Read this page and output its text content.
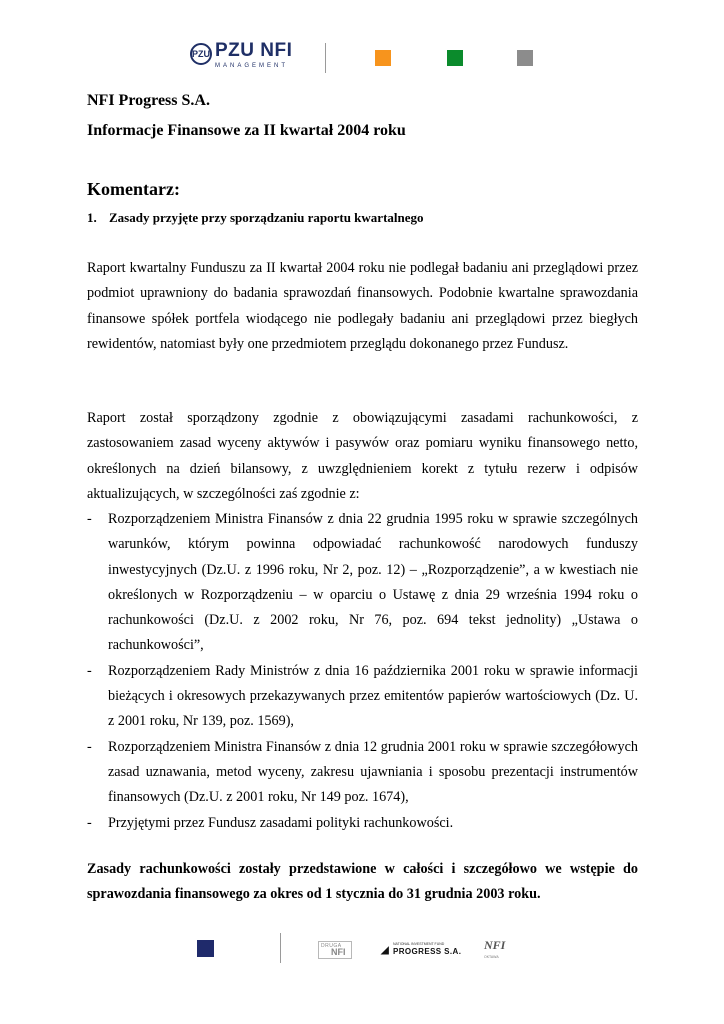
PZU PZU NFI
MANAGEMENT
NFI Progress S.A.
Informacje Finansowe za II kwartał 2004 roku
Komentarz:
1. Zasady przyjęte przy sporządzaniu raportu kwartalnego
Raport kwartalny Funduszu za II kwartał 2004 roku nie podlegał badaniu ani przeglądowi przez podmiot uprawniony do badania sprawozdań finansowych. Podobnie kwartalne sprawozdania finansowe spółek portfela wiodącego nie podlegały badaniu ani przeglądowi przez biegłych rewidentów, natomiast były one przedmiotem przeglądu dokonanego przez Fundusz.
Raport został sporządzony zgodnie z obowiązującymi zasadami rachunkowości, z zastosowaniem zasad wyceny aktywów i pasywów oraz pomiaru wyniku finansowego netto, określonych na dzień bilansowy, z uwzględnieniem korekt z tytułu rezerw i odpisów aktualizujących, w szczególności zaś zgodnie z:
- Rozporządzeniem Ministra Finansów z dnia 22 grudnia 1995 roku w sprawie szczególnych warunków, którym powinna odpowiadać rachunkowość narodowych funduszy inwestycyjnych (Dz.U. z 1996 roku, Nr 2, poz. 12) – „Rozporządzenie”, a w kwestiach nie określonych w Rozporządzeniu – w oparciu o Ustawę z dnia 29 września 1994 roku o rachunkowości (Dz.U. z 2002 roku, Nr 76, poz. 694 tekst jednolity) „Ustawa o rachunkowości”,
- Rozporządzeniem Rady Ministrów z dnia 16 października 2001 roku w sprawie informacji bieżących i okresowych przekazywanych przez emitentów papierów wartościowych (Dz. U. z 2001 roku, Nr 139, poz. 1569),
- Rozporządzeniem Ministra Finansów z dnia 12 grudnia 2001 roku w sprawie szczegółowych zasad uznawania, metod wyceny, zakresu ujawniania i sposobu prezentacji instrumentów finansowych (Dz.U. z 2001 roku, Nr 149 poz. 1674),
- Przyjętymi przez Fundusz zasadami polityki rachunkowości.
Zasady rachunkowości zostały przedstawione w całości i szczegółowo we wstępie do sprawozdania finansowego za okres od 1 stycznia do 31 grudnia 2003 roku.
DRUGA
NFI	◢
NATIONAL INVESTMENT FUND
PROGRESS S.A. NFI
OKTAWA
